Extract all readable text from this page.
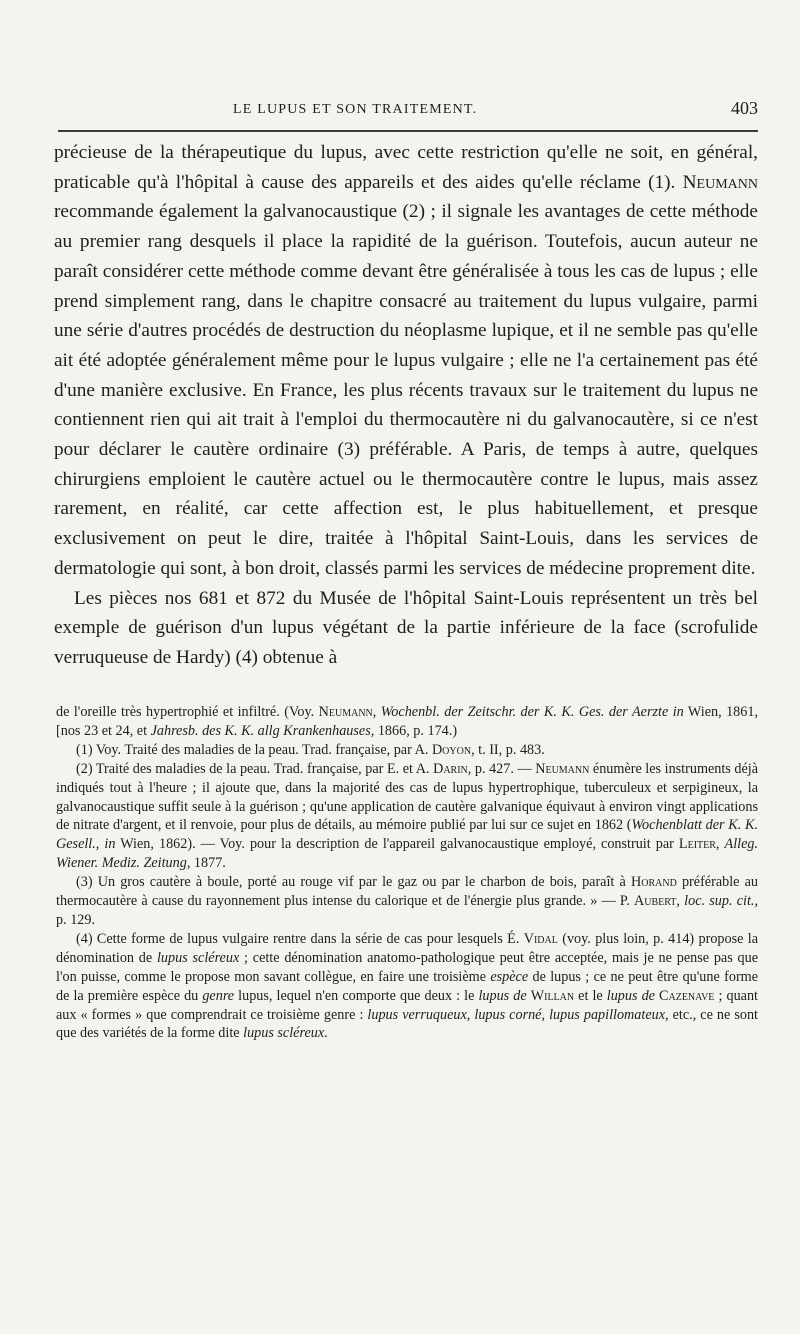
LE LUPUS ET SON TRAITEMENT.	403

précieuse de la thérapeutique du lupus, avec cette restriction qu'elle ne soit, en général, praticable qu'à l'hôpital à cause des appareils et des aides qu'elle réclame (1). Neumann recommande également la galvanocaustique (2) ; il signale les avantages de cette méthode au premier rang desquels il place la rapidité de la guérison. Toutefois, aucun auteur ne paraît considérer cette méthode comme devant être généralisée à tous les cas de lupus ; elle prend simplement rang, dans le chapitre consacré au traitement du lupus vulgaire, parmi une série d'autres procédés de destruction du néoplasme lupique, et il ne semble pas qu'elle ait été adoptée généralement même pour le lupus vulgaire ; elle ne l'a certainement pas été d'une manière exclusive. En France, les plus récents travaux sur le traitement du lupus ne contiennent rien qui ait trait à l'emploi du thermocautère ni du galvanocautère, si ce n'est pour déclarer le cautère ordinaire (3) préférable. A Paris, de temps à autre, quelques chirurgiens emploient le cautère actuel ou le thermocautère contre le lupus, mais assez rarement, en réalité, car cette affection est, le plus habituellement, et presque exclusivement on peut le dire, traitée à l'hôpital Saint-Louis, dans les services de dermatologie qui sont, à bon droit, classés parmi les services de médecine proprement dite.

Les pièces nos 681 et 872 du Musée de l'hôpital Saint-Louis représentent un très bel exemple de guérison d'un lupus végétant de la partie inférieure de la face (scrofulide verruqueuse de Hardy) (4) obtenue à

de l'oreille très hypertrophié et infiltré. (Voy. Neumann, Wochenbl. der Zeitschr. der K. K. Ges. der Aerzte in Wien, 1861, [nos 23 et 24, et Jahresb. des K. K. allg Krankenhauses, 1866, p. 174.)

(1) Voy. Traité des maladies de la peau. Trad. française, par A. Doyon, t. II, p. 483.

(2) Traité des maladies de la peau. Trad. française, par E. et A. Darin, p. 427. — Neumann énumère les instruments déjà indiqués tout à l'heure ; il ajoute que, dans la majorité des cas de lupus hypertrophique, tuberculeux et serpigineux, la galvanocaustique suffit seule à la guérison ; qu'une application de cautère galvanique équivaut à environ vingt applications de nitrate d'argent, et il renvoie, pour plus de détails, au mémoire publié par lui sur ce sujet en 1862 (Wochenblatt der K. K. Gesell., in Wien, 1862). — Voy. pour la description de l'appareil galvanocaustique employé, construit par Leiter, Alleg. Wiener. Mediz. Zeitung, 1877.

(3) Un gros cautère à boule, porté au rouge vif par le gaz ou par le charbon de bois, paraît à Horand préférable au thermocautère à cause du rayonnement plus intense du calorique et de l'énergie plus grande. » — P. Aubert, loc. sup. cit., p. 129.

(4) Cette forme de lupus vulgaire rentre dans la série de cas pour lesquels É. Vidal (voy. plus loin, p. 414) propose la dénomination de lupus scléreux ; cette dénomination anatomo-pathologique peut être acceptée, mais je ne pense pas que l'on puisse, comme le propose mon savant collègue, en faire une troisième espèce de lupus ; ce ne peut être qu'une forme de la première espèce du genre lupus, lequel n'en comporte que deux : le lupus de Willan et le lupus de Cazenave ; quant aux « formes » que comprendrait ce troisième genre : lupus verruqueux, lupus corné, lupus papillomateux, etc., ce ne sont que des variétés de la forme dite lupus scléreux.
